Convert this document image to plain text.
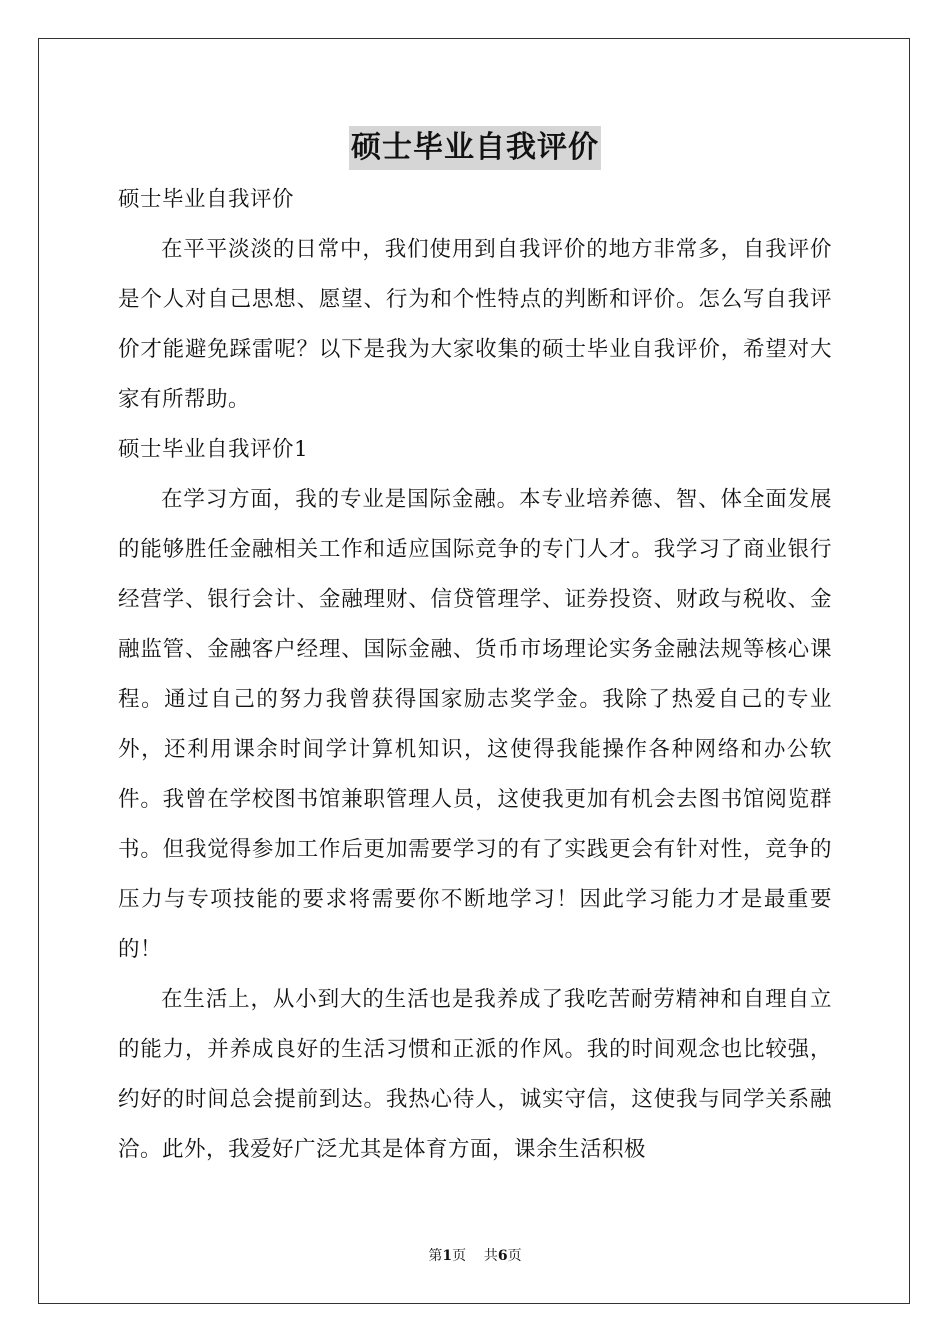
硕士毕业自我评价

硕士毕业自我评价

在平平淡淡的日常中，我们使用到自我评价的地方非常多，自我评价是个人对自己思想、愿望、行为和个性特点的判断和评价。怎么写自我评价才能避免踩雷呢？以下是我为大家收集的硕士毕业自我评价，希望对大家有所帮助。

硕士毕业自我评价1

在学习方面，我的专业是国际金融。本专业培养德、智、体全面发展的能够胜任金融相关工作和适应国际竞争的专门人才。我学习了商业银行经营学、银行会计、金融理财、信贷管理学、证券投资、财政与税收、金融监管、金融客户经理、国际金融、货币市场理论实务金融法规等核心课程。通过自己的努力我曾获得国家励志奖学金。我除了热爱自己的专业外，还利用课余时间学计算机知识，这使得我能操作各种网络和办公软件。我曾在学校图书馆兼职管理人员，这使我更加有机会去图书馆阅览群书。但我觉得参加工作后更加需要学习的有了实践更会有针对性，竞争的压力与专项技能的要求将需要你不断地学习！因此学习能力才是最重要的！

在生活上，从小到大的生活也是我养成了我吃苦耐劳精神和自理自立的能力，并养成良好的生活习惯和正派的作风。我的时间观念也比较强，约好的时间总会提前到达。我热心待人，诚实守信，这使我与同学关系融洽。此外，我爱好广泛尤其是体育方面，课余生活积极

第1页 共6页
